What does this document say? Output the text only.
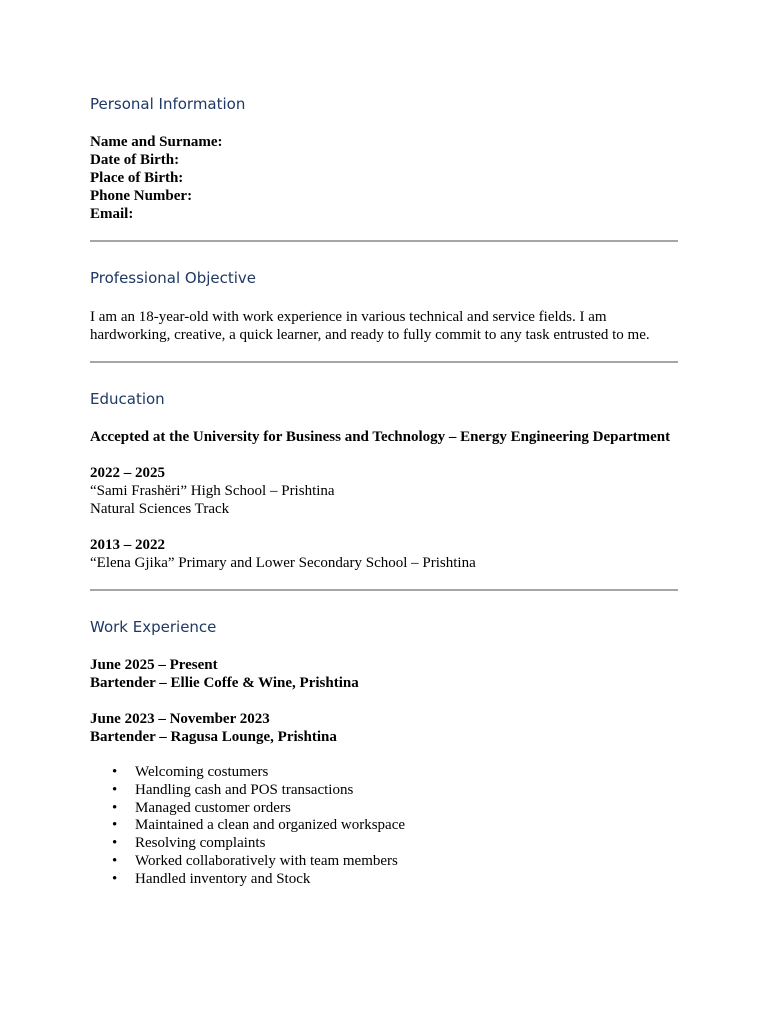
Personal Information
Name and Surname:
Date of Birth:
Place of Birth:
Phone Number:
Email:
Professional Objective
I am an 18-year-old with work experience in various technical and service fields. I am
hardworking, creative, a quick learner, and ready to fully commit to any task entrusted to me.
Education
Accepted at the University for Business and Technology – Energy Engineering Department
2022 – 2025
“Sami Frashëri” High School – Prishtina
Natural Sciences Track
2013 – 2022
“Elena Gjika” Primary and Lower Secondary School – Prishtina
Work Experience
June 2025 – Present
Bartender – Ellie Coffe & Wine, Prishtina
June 2023 – November 2023
Bartender – Ragusa Lounge, Prishtina
• Welcoming costumers
• Handling cash and POS transactions
• Managed customer orders
• Maintained a clean and organized workspace
• Resolving complaints
• Worked collaboratively with team members
• Handled inventory and Stock
